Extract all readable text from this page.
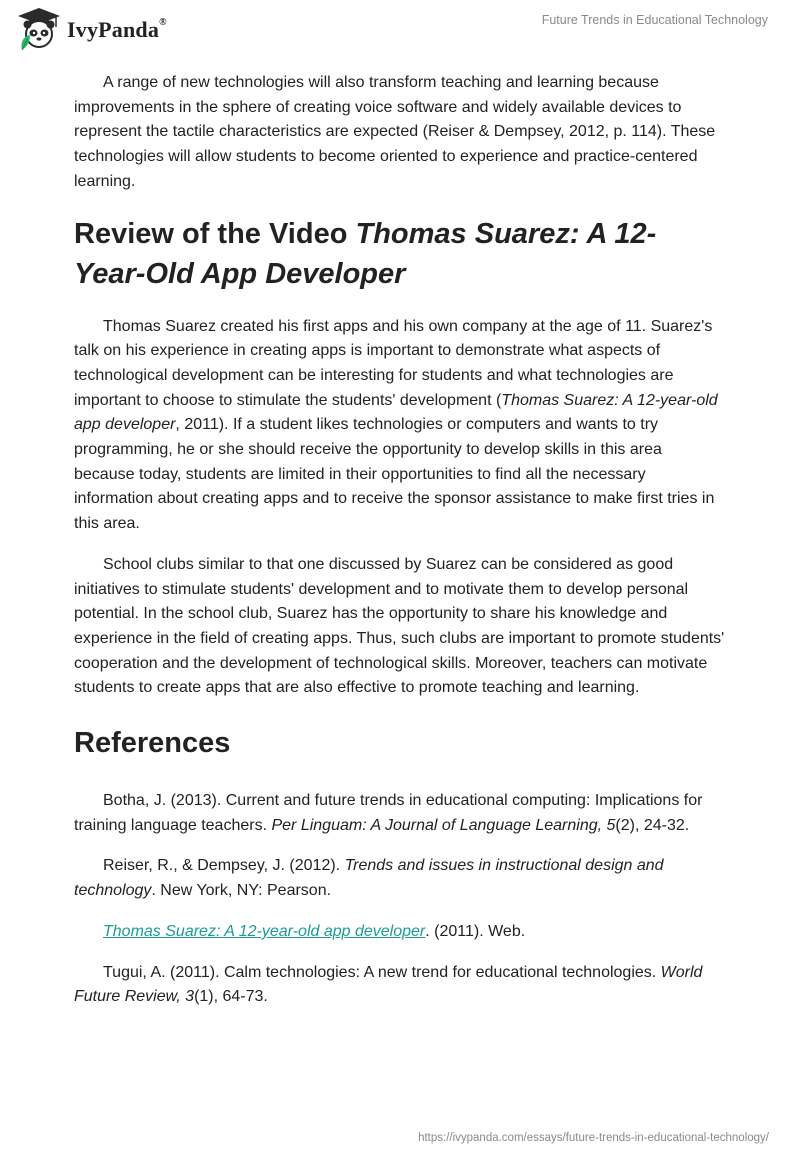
IvyPanda®	Future Trends in Educational Technology

A range of new technologies will also transform teaching and learning because improvements in the sphere of creating voice software and widely available devices to represent the tactile characteristics are expected (Reiser & Dempsey, 2012, p. 114). These technologies will allow students to become oriented to experience and practice-centered learning.

Review of the Video Thomas Suarez: A 12-Year-Old App Developer

Thomas Suarez created his first apps and his own company at the age of 11. Suarez's talk on his experience in creating apps is important to demonstrate what aspects of technological development can be interesting for students and what technologies are important to choose to stimulate the students' development (Thomas Suarez: A 12-year-old app developer, 2011). If a student likes technologies or computers and wants to try programming, he or she should receive the opportunity to develop skills in this area because today, students are limited in their opportunities to find all the necessary information about creating apps and to receive the sponsor assistance to make first tries in this area.

School clubs similar to that one discussed by Suarez can be considered as good initiatives to stimulate students' development and to motivate them to develop personal potential. In the school club, Suarez has the opportunity to share his knowledge and experience in the field of creating apps. Thus, such clubs are important to promote students' cooperation and the development of technological skills. Moreover, teachers can motivate students to create apps that are also effective to promote teaching and learning.

References

Botha, J. (2013). Current and future trends in educational computing: Implications for training language teachers. Per Linguam: A Journal of Language Learning, 5(2), 24-32.

Reiser, R., & Dempsey, J. (2012). Trends and issues in instructional design and technology. New York, NY: Pearson.

Thomas Suarez: A 12-year-old app developer. (2011). Web.

Tugui, A. (2011). Calm technologies: A new trend for educational technologies. World Future Review, 3(1), 64-73.

https://ivypanda.com/essays/future-trends-in-educational-technology/
